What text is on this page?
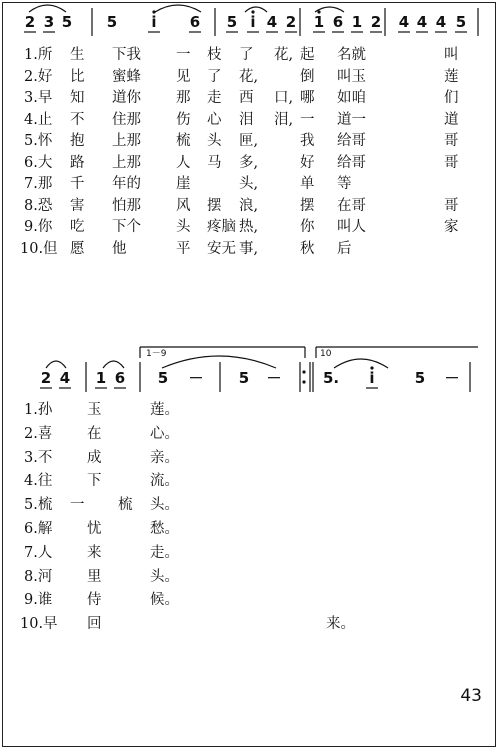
1.所 生 下我 一 枝 了 花, 起 名就	叫
2.好 比 蜜蜂 见 了 花,	倒 叫玉	莲
3.早 知 道你 那 走 西 口, 哪 如咱	们
4.止 不 住那 伤 心 泪 泪, 一 道一	道
5.怀 抱 上那 梳 头 匣,	我 给哥	哥
6.大 路 上那 人 马 多,	好 给哥	哥
7.那 千 年的 崖	头,	单 等
8.恐 害 怕那 风 摆 浪,	摆 在哥	哥
9.你 吃 下个 头 疼脑 热,	你 叫人	家
10.但 愿 他	平 安无 事,	秋 后
1.孙 玉	莲。
2.喜 在	心。
3.不 成	亲。
4.往 下	流。
5.梳 一 梳 头。
6.解 忧	愁。
7.人 来	走。
8.河 里	头。
9.谁 侍	候。
10.早 回	来。
43
2 3 5 5	i	6 5 i 4 2 1 6 1 2 4 4 4 5
2 4 1 6 5 － 5 －	5.	i	5 －
1－9	10
